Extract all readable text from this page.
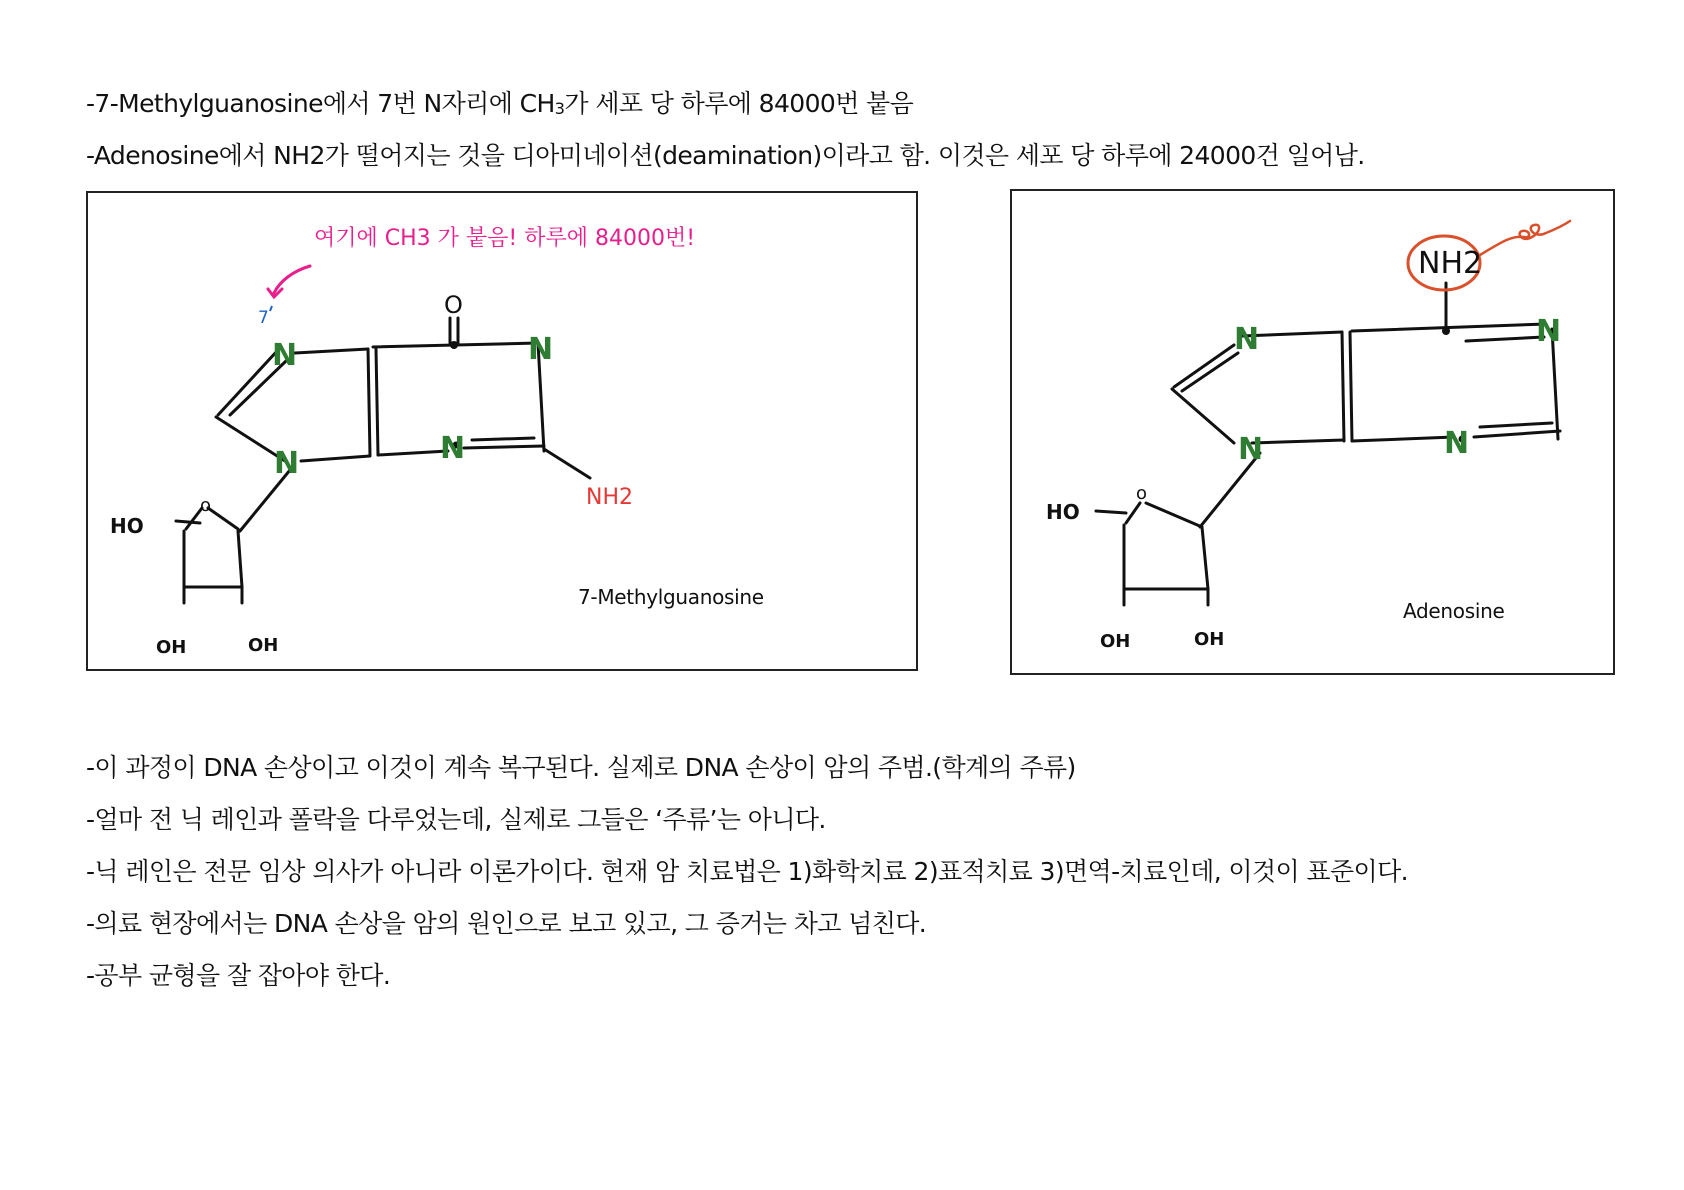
-7-Methylguanosine에서 7번 N자리에 CH3가 세포 당 하루에 84000번 붙음
-Adenosine에서 NH2가 떨어지는 것을 디아미네이션(deamination)이라고 함. 이것은 세포 당 하루에 24000건 일어남.
여기에 CH3 가 붙음! 하루에 84000번!
7	O
N	N
N	N
NH2
HO
o
OH	OH
7-Methylguanosine
NH2
N	N
N	N
HO
o
OH	OH
Adenosine
-이 과정이 DNA 손상이고 이것이 계속 복구된다. 실제로 DNA 손상이 암의 주범.(학계의 주류)
-얼마 전 닉 레인과 폴락을 다루었는데, 실제로 그들은 ‘주류’는 아니다.
-닉 레인은 전문 임상 의사가 아니라 이론가이다. 현재 암 치료법은 1)화학치료 2)표적치료 3)면역-치료인데, 이것이 표준이다.
-의료 현장에서는 DNA 손상을 암의 원인으로 보고 있고, 그 증거는 차고 넘친다.
-공부 균형을 잘 잡아야 한다.
